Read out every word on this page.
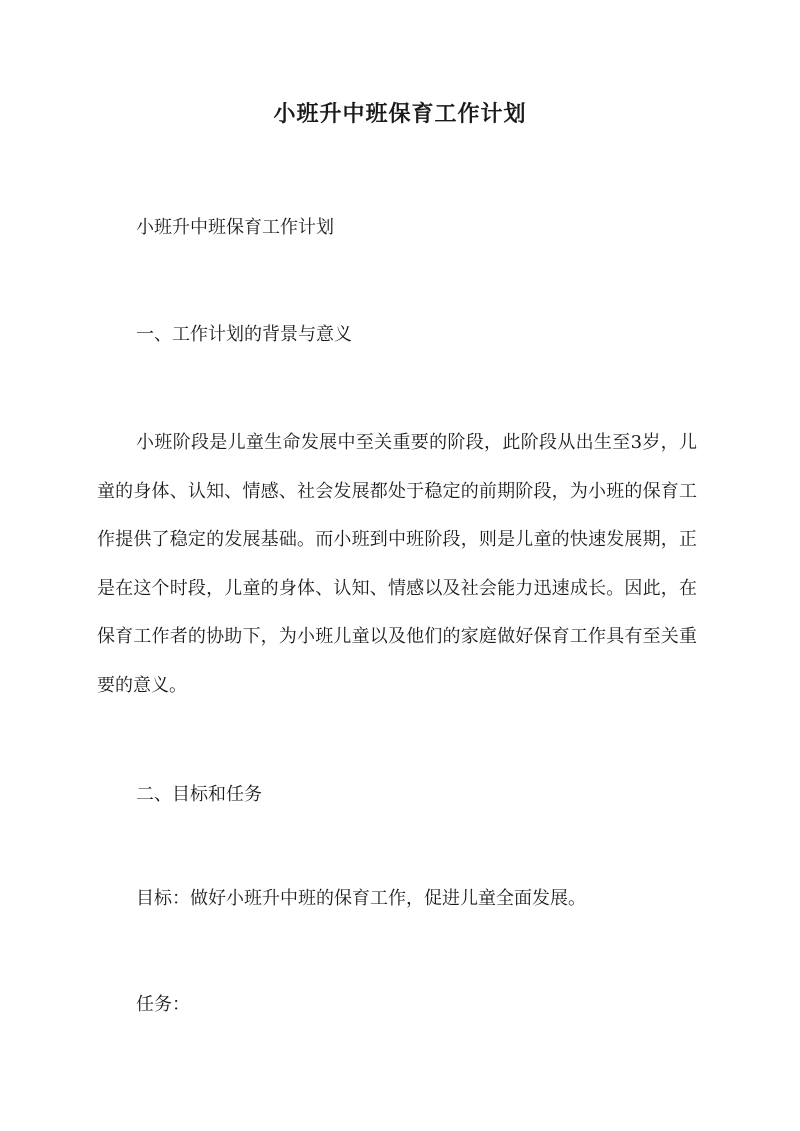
小班升中班保育工作计划

小班升中班保育工作计划

一、工作计划的背景与意义

小班阶段是儿童生命发展中至关重要的阶段，此阶段从出生至3岁，儿童的身体、认知、情感、社会发展都处于稳定的前期阶段，为小班的保育工作提供了稳定的发展基础。而小班到中班阶段，则是儿童的快速发展期，正是在这个时段，儿童的身体、认知、情感以及社会能力迅速成长。因此，在保育工作者的协助下，为小班儿童以及他们的家庭做好保育工作具有至关重要的意义。

二、目标和任务

目标：做好小班升中班的保育工作，促进儿童全面发展。

任务：
